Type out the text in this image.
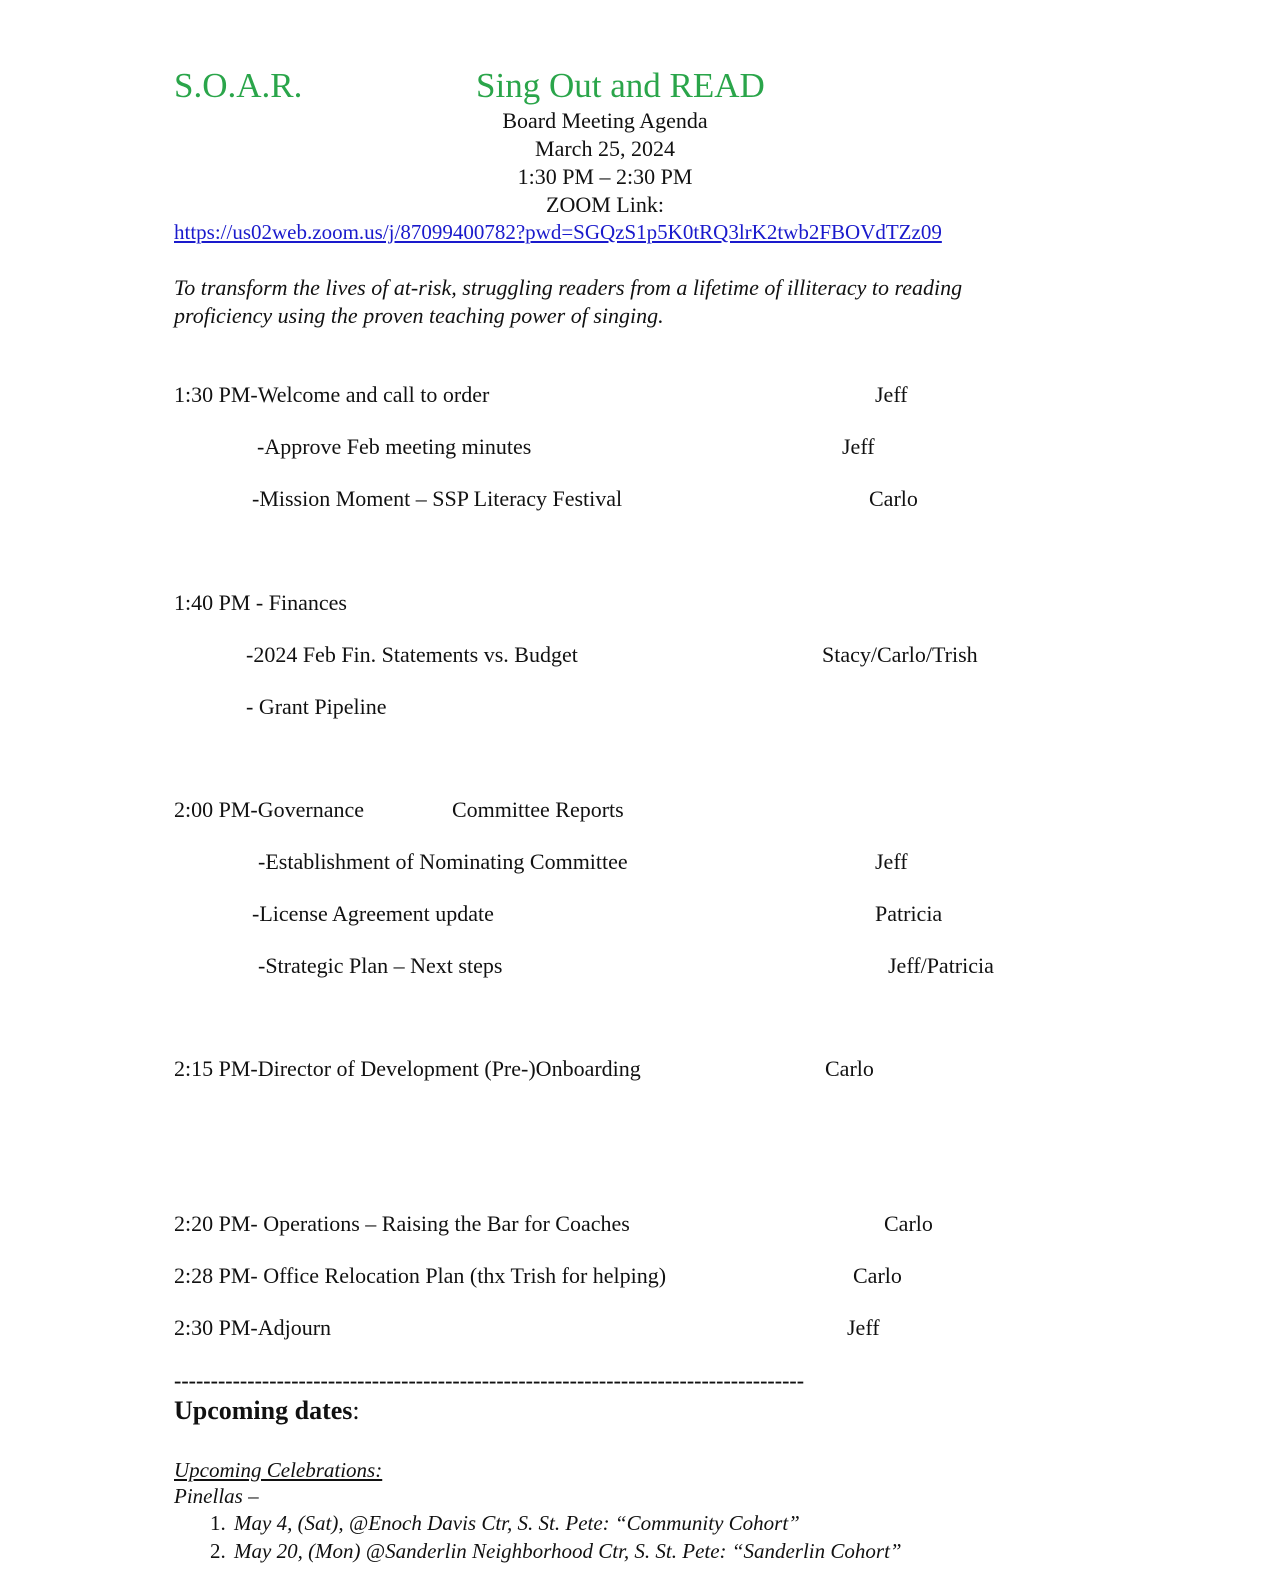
S.O.A.R.	Sing Out and READ
Board Meeting Agenda
March 25, 2024
1:30 PM – 2:30 PM
ZOOM Link:
https://us02web.zoom.us/j/87099400782?pwd=SGQzS1p5K0tRQ3lrK2twb2FBOVdTZz09
To transform the lives of at-risk, struggling readers from a lifetime of illiteracy to reading
proficiency using the proven teaching power of singing.
1:30 PM-Welcome and call to order	Jeff
-Approve Feb meeting minutes	Jeff
-Mission Moment – SSP Literacy Festival	Carlo
1:40 PM - Finances
-2024 Feb Fin. Statements vs. Budget	Stacy/Carlo/Trish
- Grant Pipeline
2:00 PM-Governance	Committee Reports
-Establishment of Nominating Committee	Jeff
-License Agreement update	Patricia
-Strategic Plan – Next steps	Jeff/Patricia
2:15 PM-Director of Development (Pre-)Onboarding	Carlo
2:20 PM- Operations – Raising the Bar for Coaches	Carlo
2:28 PM- Office Relocation Plan (thx Trish for helping)	Carlo
2:30 PM-Adjourn	Jeff
--------------------------------------------------------------------------------------
Upcoming dates:
Upcoming Celebrations:
Pinellas –
1. May 4, (Sat), @Enoch Davis Ctr, S. St. Pete: “Community Cohort”
2. May 20, (Mon) @Sanderlin Neighborhood Ctr, S. St. Pete: “Sanderlin Cohort”
